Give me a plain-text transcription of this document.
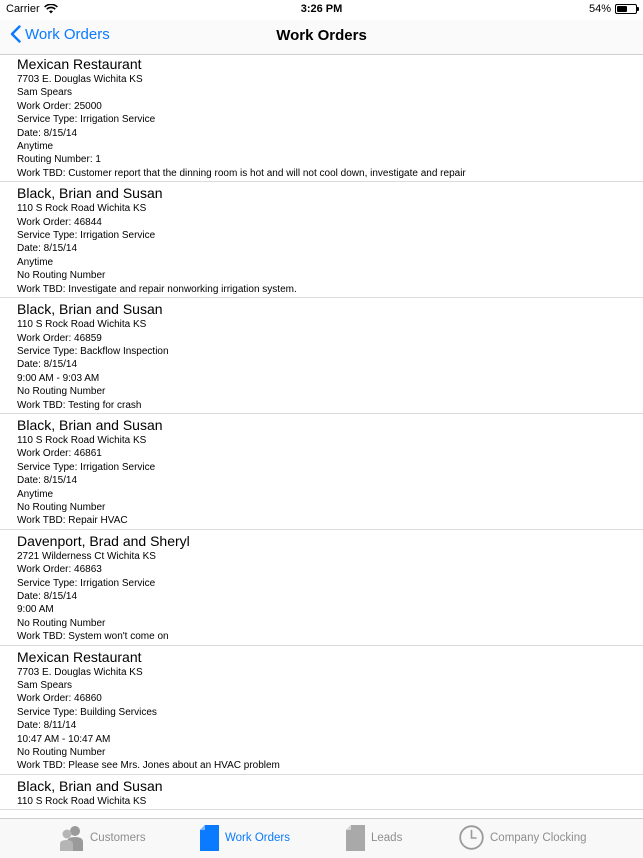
Carrier	3:26 PM	54%
Work Orders	Work Orders
Mexican Restaurant
7703 E. Douglas Wichita KS
Sam Spears
Work Order: 25000
Service Type: Irrigation Service
Date: 8/15/14
Anytime
Routing Number: 1
Work TBD: Customer report that the dinning room is hot and will not cool down, investigate and repair
Black, Brian and Susan
110 S Rock Road Wichita KS
Work Order: 46844
Service Type: Irrigation Service
Date: 8/15/14
Anytime
No Routing Number
Work TBD: Investigate and repair nonworking irrigation system.
Black, Brian and Susan
110 S Rock Road Wichita KS
Work Order: 46859
Service Type: Backflow Inspection
Date: 8/15/14
9:00 AM - 9:03 AM
No Routing Number
Work TBD: Testing for crash
Black, Brian and Susan
110 S Rock Road Wichita KS
Work Order: 46861
Service Type: Irrigation Service
Date: 8/15/14
Anytime
No Routing Number
Work TBD: Repair HVAC
Davenport, Brad and Sheryl
2721 Wilderness Ct Wichita KS
Work Order: 46863
Service Type: Irrigation Service
Date: 8/15/14
9:00 AM
No Routing Number
Work TBD: System won't come on
Mexican Restaurant
7703 E. Douglas Wichita KS
Sam Spears
Work Order: 46860
Service Type: Building Services
Date: 8/11/14
10:47 AM - 10:47 AM
No Routing Number
Work TBD: Please see Mrs. Jones about an HVAC problem
Black, Brian and Susan
110 S Rock Road Wichita KS
Customers	Work Orders	Leads	Company Clocking
